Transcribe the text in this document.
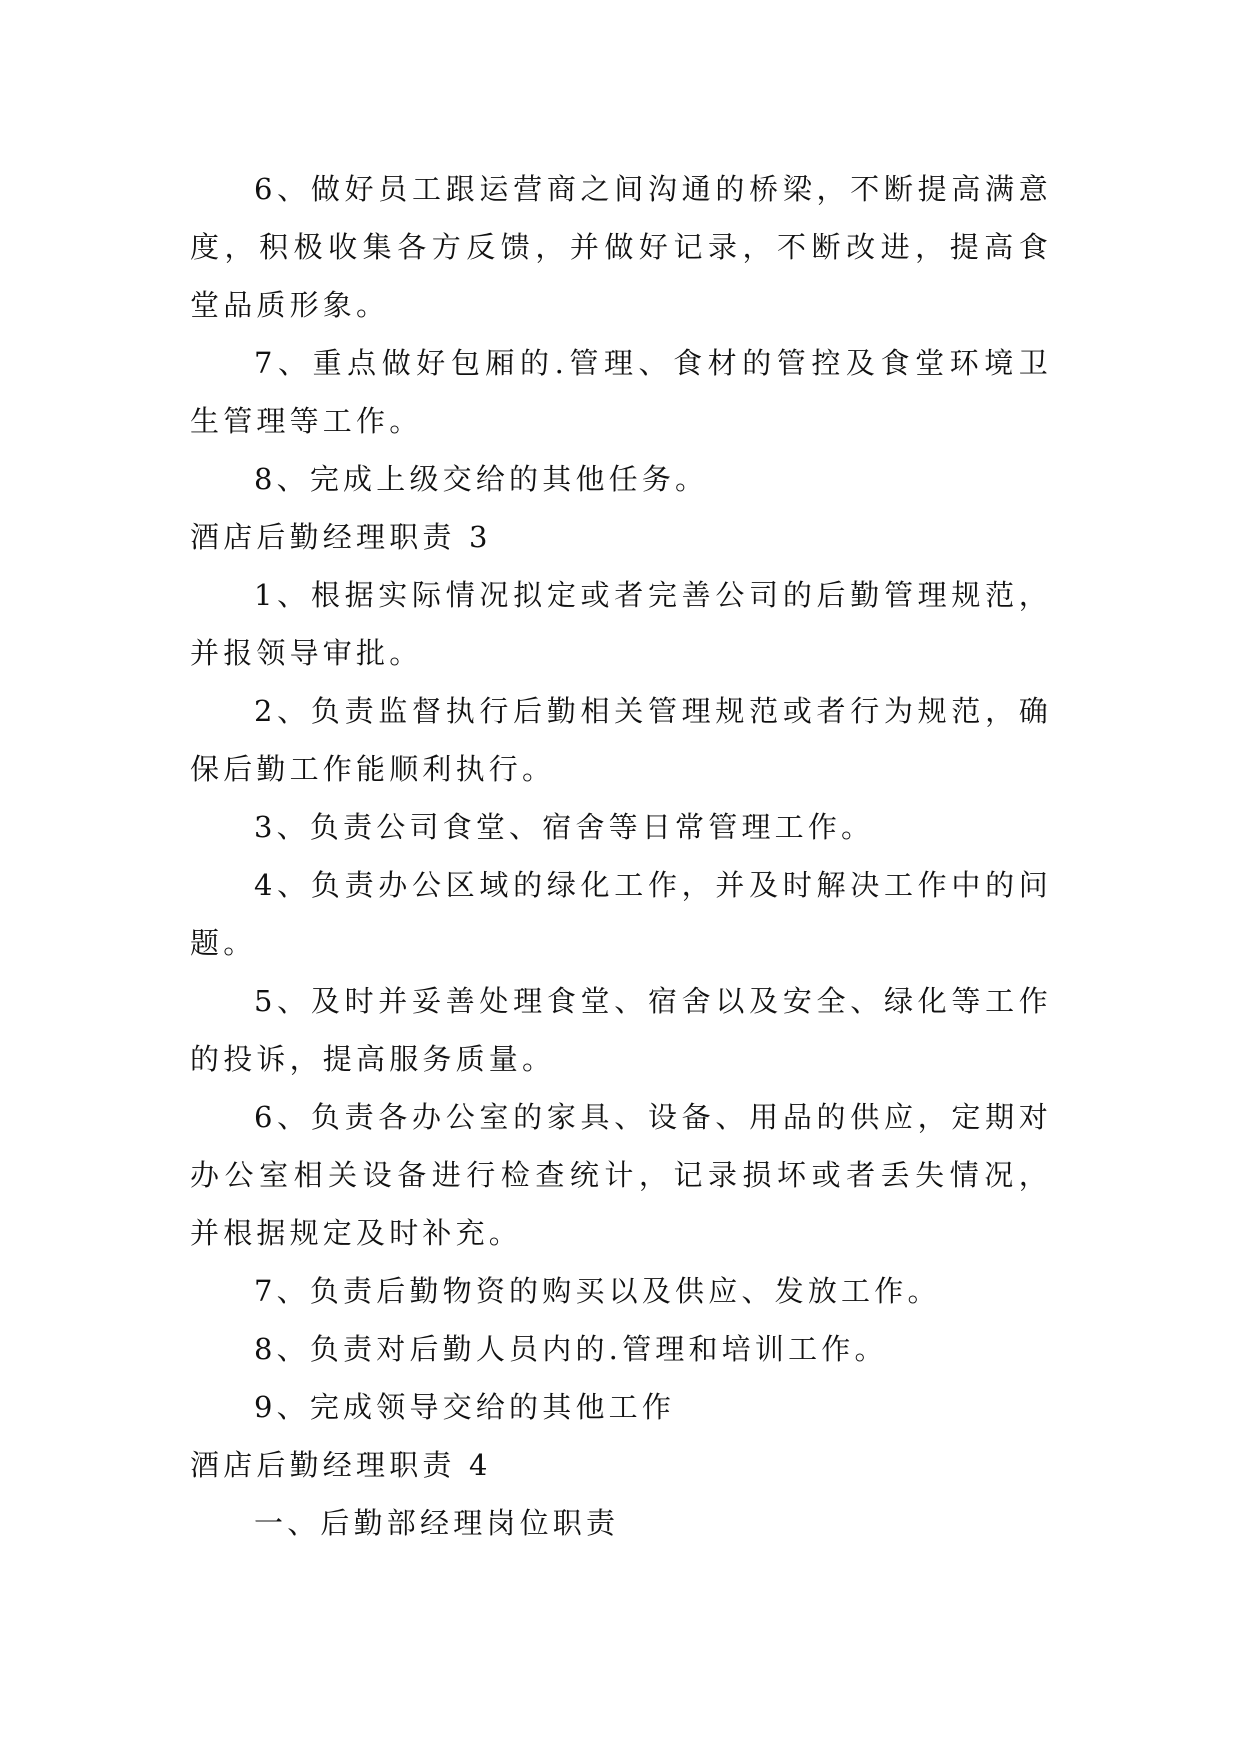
6、做好员工跟运营商之间沟通的桥梁，不断提高满意度，积极收集各方反馈，并做好记录，不断改进，提高食堂品质形象。

7、重点做好包厢的.管理、食材的管控及食堂环境卫生管理等工作。

8、完成上级交给的其他任务。

酒店后勤经理职责 3

1、根据实际情况拟定或者完善公司的后勤管理规范，并报领导审批。

2、负责监督执行后勤相关管理规范或者行为规范，确保后勤工作能顺利执行。

3、负责公司食堂、宿舍等日常管理工作。

4、负责办公区域的绿化工作，并及时解决工作中的问题。

5、及时并妥善处理食堂、宿舍以及安全、绿化等工作的投诉，提高服务质量。

6、负责各办公室的家具、设备、用品的供应，定期对办公室相关设备进行检查统计，记录损坏或者丢失情况，并根据规定及时补充。

7、负责后勤物资的购买以及供应、发放工作。

8、负责对后勤人员内的.管理和培训工作。

9、完成领导交给的其他工作

酒店后勤经理职责 4

一、后勤部经理岗位职责
